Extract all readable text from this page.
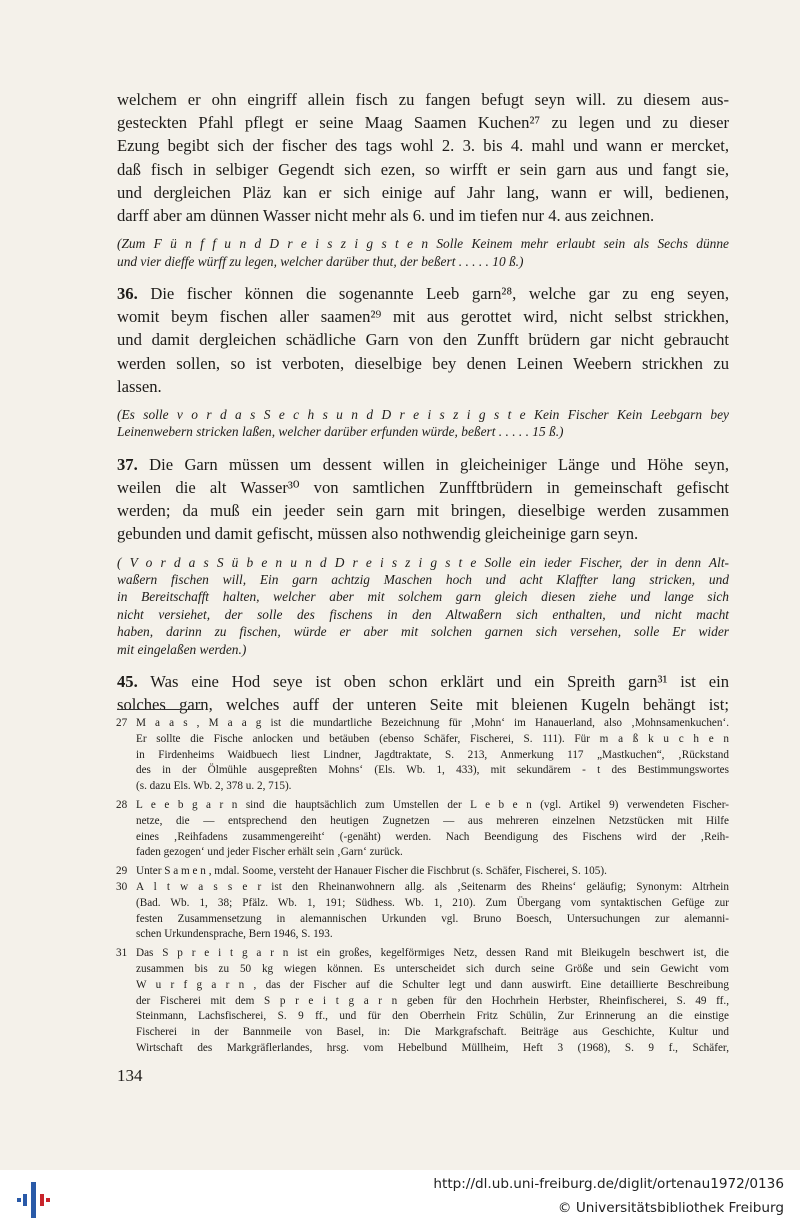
welchem er ohn eingriff allein fisch zu fangen befugt seyn will. zu diesem aus-
gesteckten Pfahl pflegt er seine Maag Saamen Kuchen²⁷ zu legen und zu dieser
Ezung begibt sich der fischer des tags wohl 2. 3. bis 4. mahl und wann er mercket,
daß fisch in selbiger Gegendt sich ezen, so wirfft er sein garn aus und fangt sie,
und dergleichen Pläz kan er sich einige auf Jahr lang, wann er will, bedienen,
darff aber am dünnen Wasser nicht mehr als 6. und im tiefen nur 4. aus zeichnen.

(Zum F ü n f f u n d D r e i s z i g s t e n Solle Keinem mehr erlaubt sein als Sechs dünne
und vier dieffe würff zu legen, welcher darüber thut, der beßert . . . . . 10 ß.)

36. Die fischer können die sogenannte Leeb garn²⁸, welche gar zu eng seyen,
womit beym fischen aller saamen²⁹ mit aus gerottet wird, nicht selbst strickhen,
und damit dergleichen schädliche Garn von den Zunfft brüdern gar nicht gebraucht
werden sollen, so ist verboten, dieselbige bey denen Leinen Weebern strickhen zu
lassen.

(Es solle v o r d a s S e c h s u n d D r e i s z i g s t e Kein Fischer Kein Leebgarn bey
Leinenwebern stricken laßen, welcher darüber erfunden würde, beßert . . . . . 15 ß.)

37. Die Garn müssen um dessent willen in gleicheiniger Länge und Höhe seyn,
weilen die alt Wasser³⁰ von samtlichen Zunfftbrüdern in gemeinschaft gefischt
werden; da muß ein jeeder sein garn mit bringen, dieselbige werden zusammen
gebunden und damit gefischt, müssen also nothwendig gleicheinige garn seyn.

( V o r d a s S ü b e n u n d D r e i s z i g s t e Solle ein ieder Fischer, der in denn Alt-
waßern fischen will, Ein garn achtzig Maschen hoch und acht Klaffter lang stricken, und
in Bereitschafft halten, welcher aber mit solchem garn gleich diesen ziehe und lange sich
nicht versiehet, der solle des fischens in den Altwaßern sich enthalten, und nicht macht
haben, darinn zu fischen, würde er aber mit solchen garnen sich versehen, solle Er wider
mit eingelaßen werden.)

45. Was eine Hod seye ist oben schon erklärt und ein Spreith garn³¹ ist ein
solches garn, welches auff der unteren Seite mit bleienen Kugeln behängt ist;

27 M a a s , M a a g ist die mundartliche Bezeichnung für ‚Mohn‘ im Hanauerland, also ‚Mohnsamenkuchen‘.
Er sollte die Fische anlocken und betäuben (ebenso Schäfer, Fischerei, S. 111). Für m a ß k u c h e n
in Firdenheims Waidbuech liest Lindner, Jagdtraktate, S. 213, Anmerkung 117 „Mastkuchen“, ‚Rückstand
des in der Ölmühle ausgepreßten Mohns‘ (Els. Wb. 1, 433), mit sekundärem - t des Bestimmungswortes
(s. dazu Els. Wb. 2, 378 u. 2, 715).
28 L e e b g a r n sind die hauptsächlich zum Umstellen der L e b e n (vgl. Artikel 9) verwendeten Fischer-
netze, die — entsprechend den heutigen Zugnetzen — aus mehreren einzelnen Netzstücken mit Hilfe
eines ‚Reihfadens zusammengereiht‘ (-genäht) werden. Nach Beendigung des Fischens wird der ‚Reih-
faden gezogen‘ und jeder Fischer erhält sein ‚Garn‘ zurück.
29 Unter S a m e n , mdal. Soome, versteht der Hanauer Fischer die Fischbrut (s. Schäfer, Fischerei, S. 105).
30 A l t w a s s e r ist den Rheinanwohnern allg. als ‚Seitenarm des Rheins‘ geläufig; Synonym: Altrhein
(Bad. Wb. 1, 38; Pfälz. Wb. 1, 191; Südhess. Wb. 1, 210). Zum Übergang vom syntaktischen Gefüge zur
festen Zusammensetzung in alemannischen Urkunden vgl. Bruno Boesch, Untersuchungen zur alemanni-
schen Urkundensprache, Bern 1946, S. 193.
31 Das S p r e i t g a r n ist ein großes, kegelförmiges Netz, dessen Rand mit Bleikugeln beschwert ist, die
zusammen bis zu 50 kg wiegen können. Es unterscheidet sich durch seine Größe und sein Gewicht vom
W u r f g a r n , das der Fischer auf die Schulter legt und dann auswirft. Eine detaillierte Beschreibung
der Fischerei mit dem S p r e i t g a r n geben für den Hochrhein Herbster, Rheinfischerei, S. 49 ff.,
Steinmann, Lachsfischerei, S. 9 ff., und für den Oberrhein Fritz Schülin, Zur Erinnerung an die einstige
Fischerei in der Bannmeile von Basel, in: Die Markgrafschaft. Beiträge aus Geschichte, Kultur und
Wirtschaft des Markgräflerlandes, hrsg. vom Hebelbund Müllheim, Heft 3 (1968), S. 9 f., Schäfer,
134
http://dl.ub.uni-freiburg.de/diglit/ortenau1972/0136
© Universitätsbibliothek Freiburg
